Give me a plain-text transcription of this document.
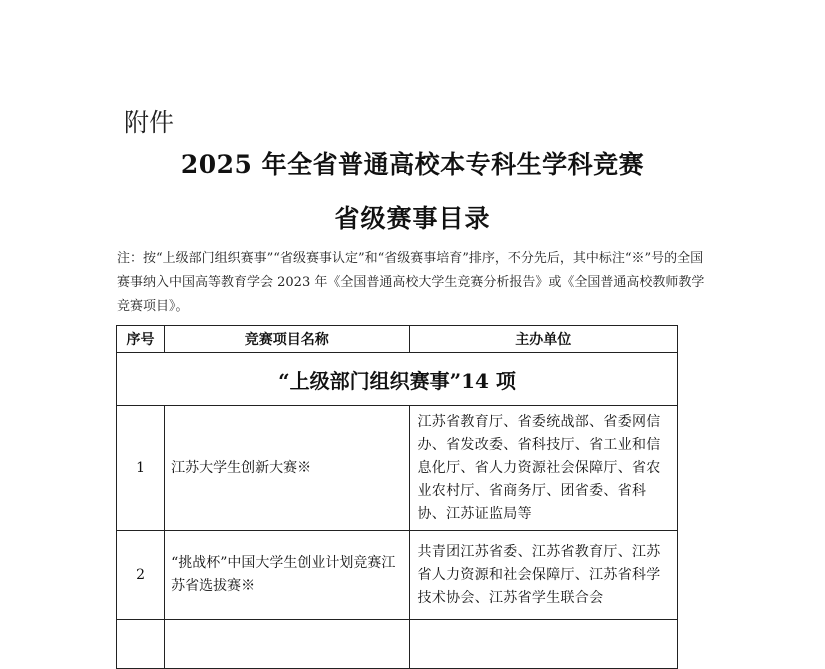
附件
2025 年全省普通高校本专科生学科竞赛
省级赛事目录
注：按“上级部门组织赛事”“省级赛事认定”和“省级赛事培育”排序，不分先后，其中标注“※”号的全国赛事纳入中国高等教育学会 2023 年《全国普通高校大学生竞赛分析报告》或《全国普通高校教师教学竞赛项目》。
序号	竞赛项目名称	主办单位
“上级部门组织赛事”14 项		
1	江苏大学生创新大赛※	江苏省教育厅、省委统战部、省委网信办、省发改委、省科技厅、省工业和信息化厅、省人力资源社会保障厅、省农业农村厅、省商务厅、团省委、省科协、江苏证监局等
2	“挑战杯”中国大学生创业计划竞赛江苏省选拔赛※	共青团江苏省委、江苏省教育厅、江苏省人力资源和社会保障厅、江苏省科学技术协会、江苏省学生联合会
